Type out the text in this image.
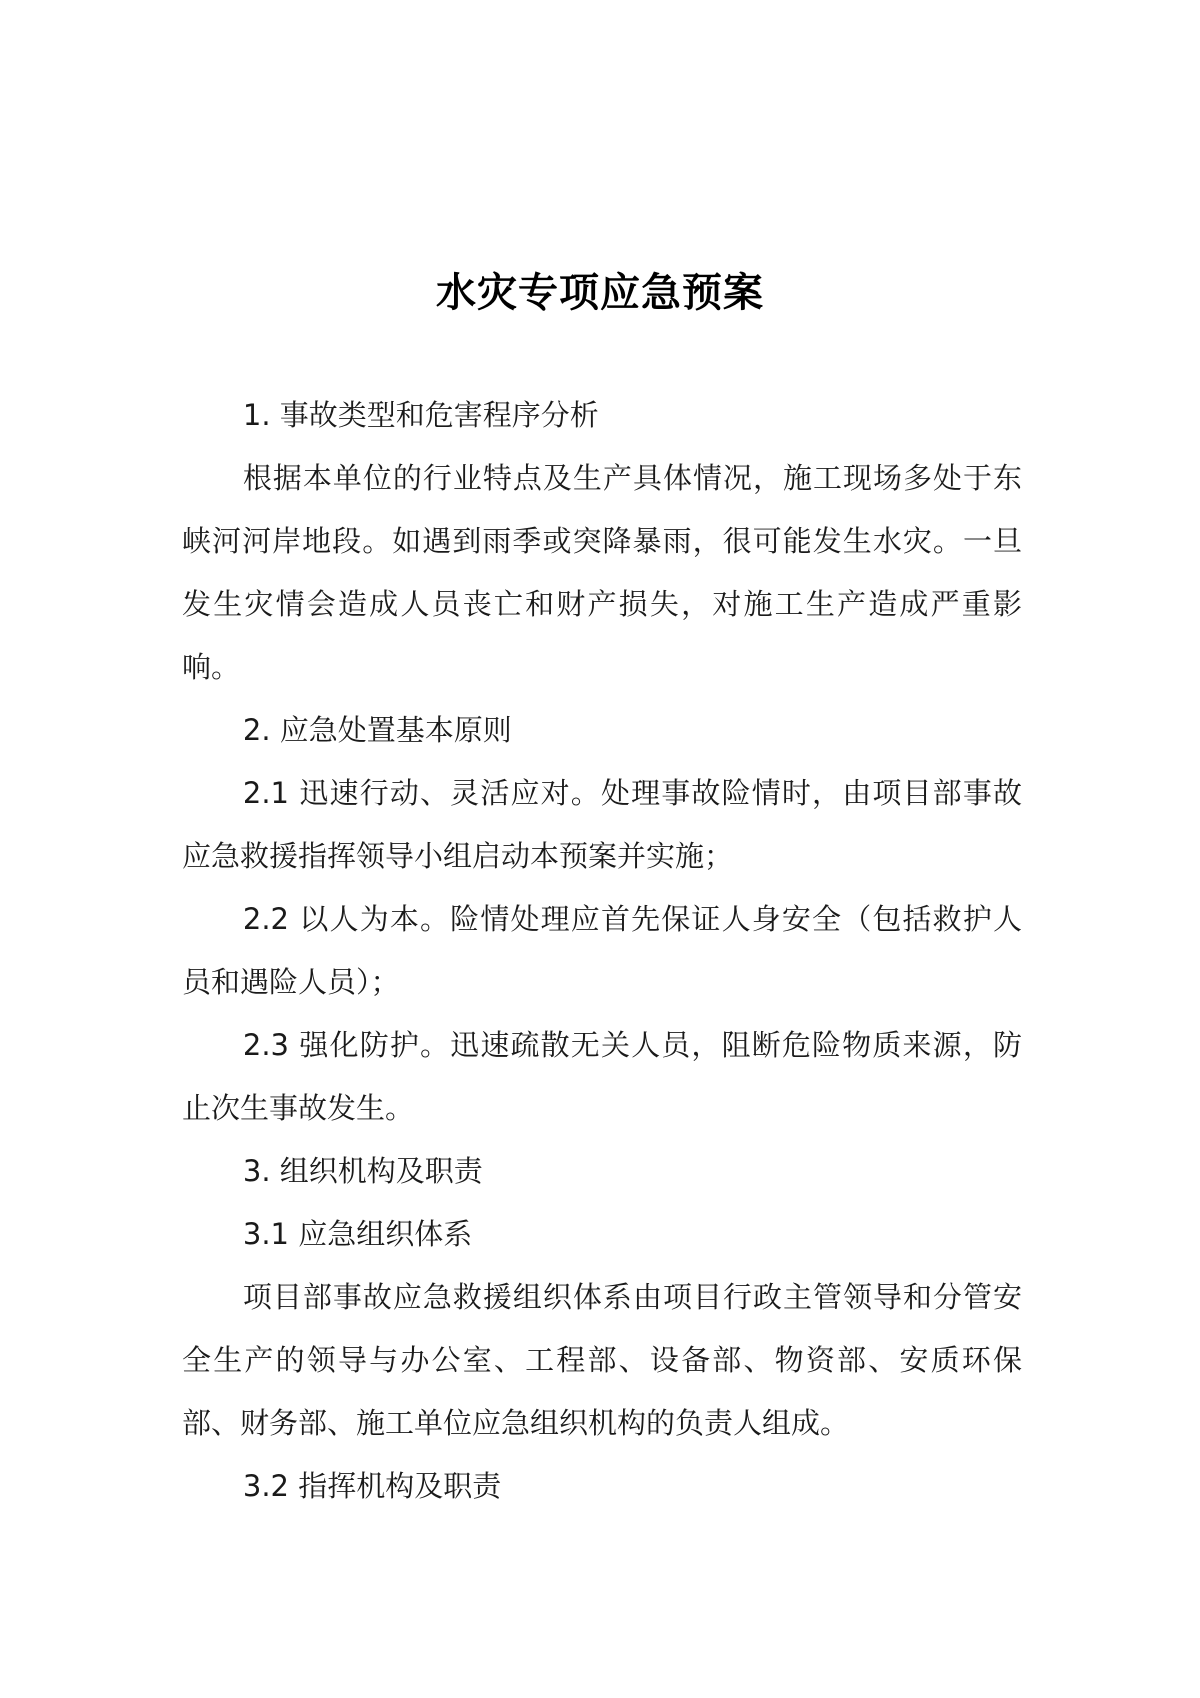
水灾专项应急预案

1. 事故类型和危害程序分析

根据本单位的行业特点及生产具体情况，施工现场多处于东峡河河岸地段。如遇到雨季或突降暴雨，很可能发生水灾。一旦发生灾情会造成人员丧亡和财产损失，对施工生产造成严重影响。

2. 应急处置基本原则

2.1 迅速行动、灵活应对。处理事故险情时，由项目部事故应急救援指挥领导小组启动本预案并实施；

2.2 以人为本。险情处理应首先保证人身安全（包括救护人员和遇险人员）；

2.3 强化防护。迅速疏散无关人员，阻断危险物质来源，防止次生事故发生。

3. 组织机构及职责

3.1 应急组织体系

项目部事故应急救援组织体系由项目行政主管领导和分管安全生产的领导与办公室、工程部、设备部、物资部、安质环保部、财务部、施工单位应急组织机构的负责人组成。

3.2 指挥机构及职责
